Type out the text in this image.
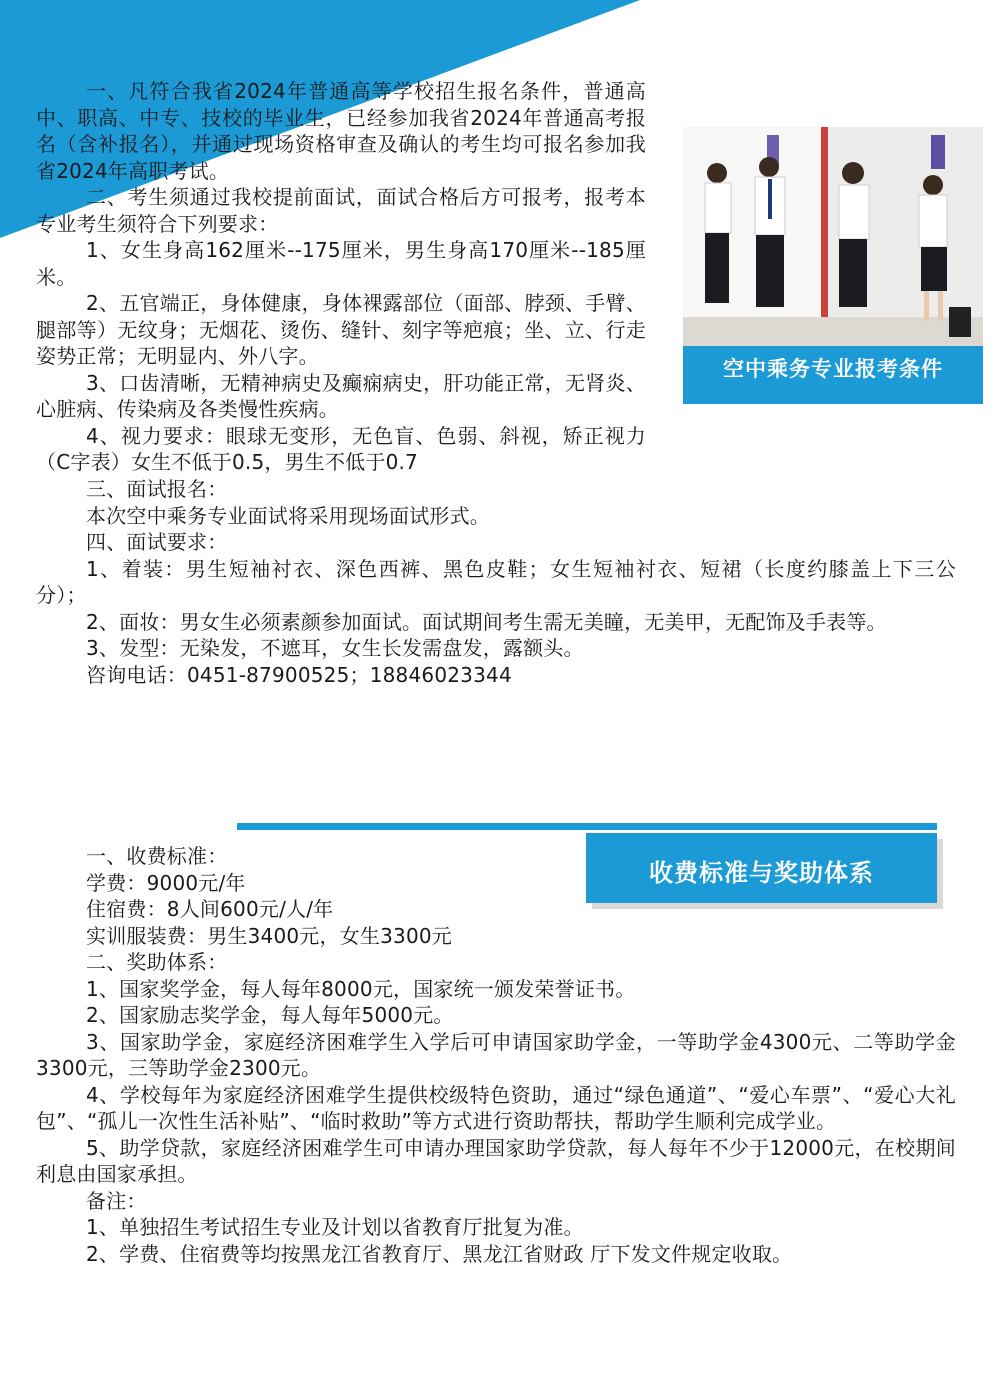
一、凡符合我省2024年普通高等学校招生报名条件，普通高中、职高、中专、技校的毕业生，已经参加我省2024年普通高考报名（含补报名），并通过现场资格审查及确认的考生均可报名参加我省2024年高职考试。
二、考生须通过我校提前面试，面试合格后方可报考，报考本专业考生须符合下列要求：
1、女生身高162厘米--175厘米，男生身高170厘米--185厘米。
2、五官端正，身体健康，身体裸露部位（面部、脖颈、手臂、腿部等）无纹身；无烟花、烫伤、缝针、刻字等疤痕；坐、立、行走姿势正常；无明显内、外八字。
3、口齿清晰，无精神病史及癫痫病史，肝功能正常，无肾炎、心脏病、传染病及各类慢性疾病。
4、视力要求：眼球无变形，无色盲、色弱、斜视，矫正视力（C字表）女生不低于0.5，男生不低于0.7
空中乘务专业报考条件
三、面试报名：
本次空中乘务专业面试将采用现场面试形式。
四、面试要求：
1、着装：男生短袖衬衣、深色西裤、黑色皮鞋；女生短袖衬衣、短裙（长度约膝盖上下三公分）；
2、面妆：男女生必须素颜参加面试。面试期间考生需无美瞳，无美甲，无配饰及手表等。
3、发型：无染发，不遮耳，女生长发需盘发，露额头。
咨询电话：0451-87900525；18846023344
收费标准与奖助体系
一、收费标准：
学费：9000元/年
住宿费：8人间600元/人/年
实训服装费：男生3400元，女生3300元
二、奖助体系：
1、国家奖学金，每人每年8000元，国家统一颁发荣誉证书。
2、国家励志奖学金，每人每年5000元。
3、国家助学金，家庭经济困难学生入学后可申请国家助学金，一等助学金4300元、二等助学金3300元，三等助学金2300元。
4、学校每年为家庭经济困难学生提供校级特色资助，通过“绿色通道”、“爱心车票”、“爱心大礼包”、“孤儿一次性生活补贴”、“临时救助”等方式进行资助帮扶，帮助学生顺利完成学业。
5、助学贷款，家庭经济困难学生可申请办理国家助学贷款，每人每年不少于12000元，在校期间利息由国家承担。
备注：
1、单独招生考试招生专业及计划以省教育厅批复为准。
2、学费、住宿费等均按黑龙江省教育厅、黑龙江省财政 厅下发文件规定收取。
